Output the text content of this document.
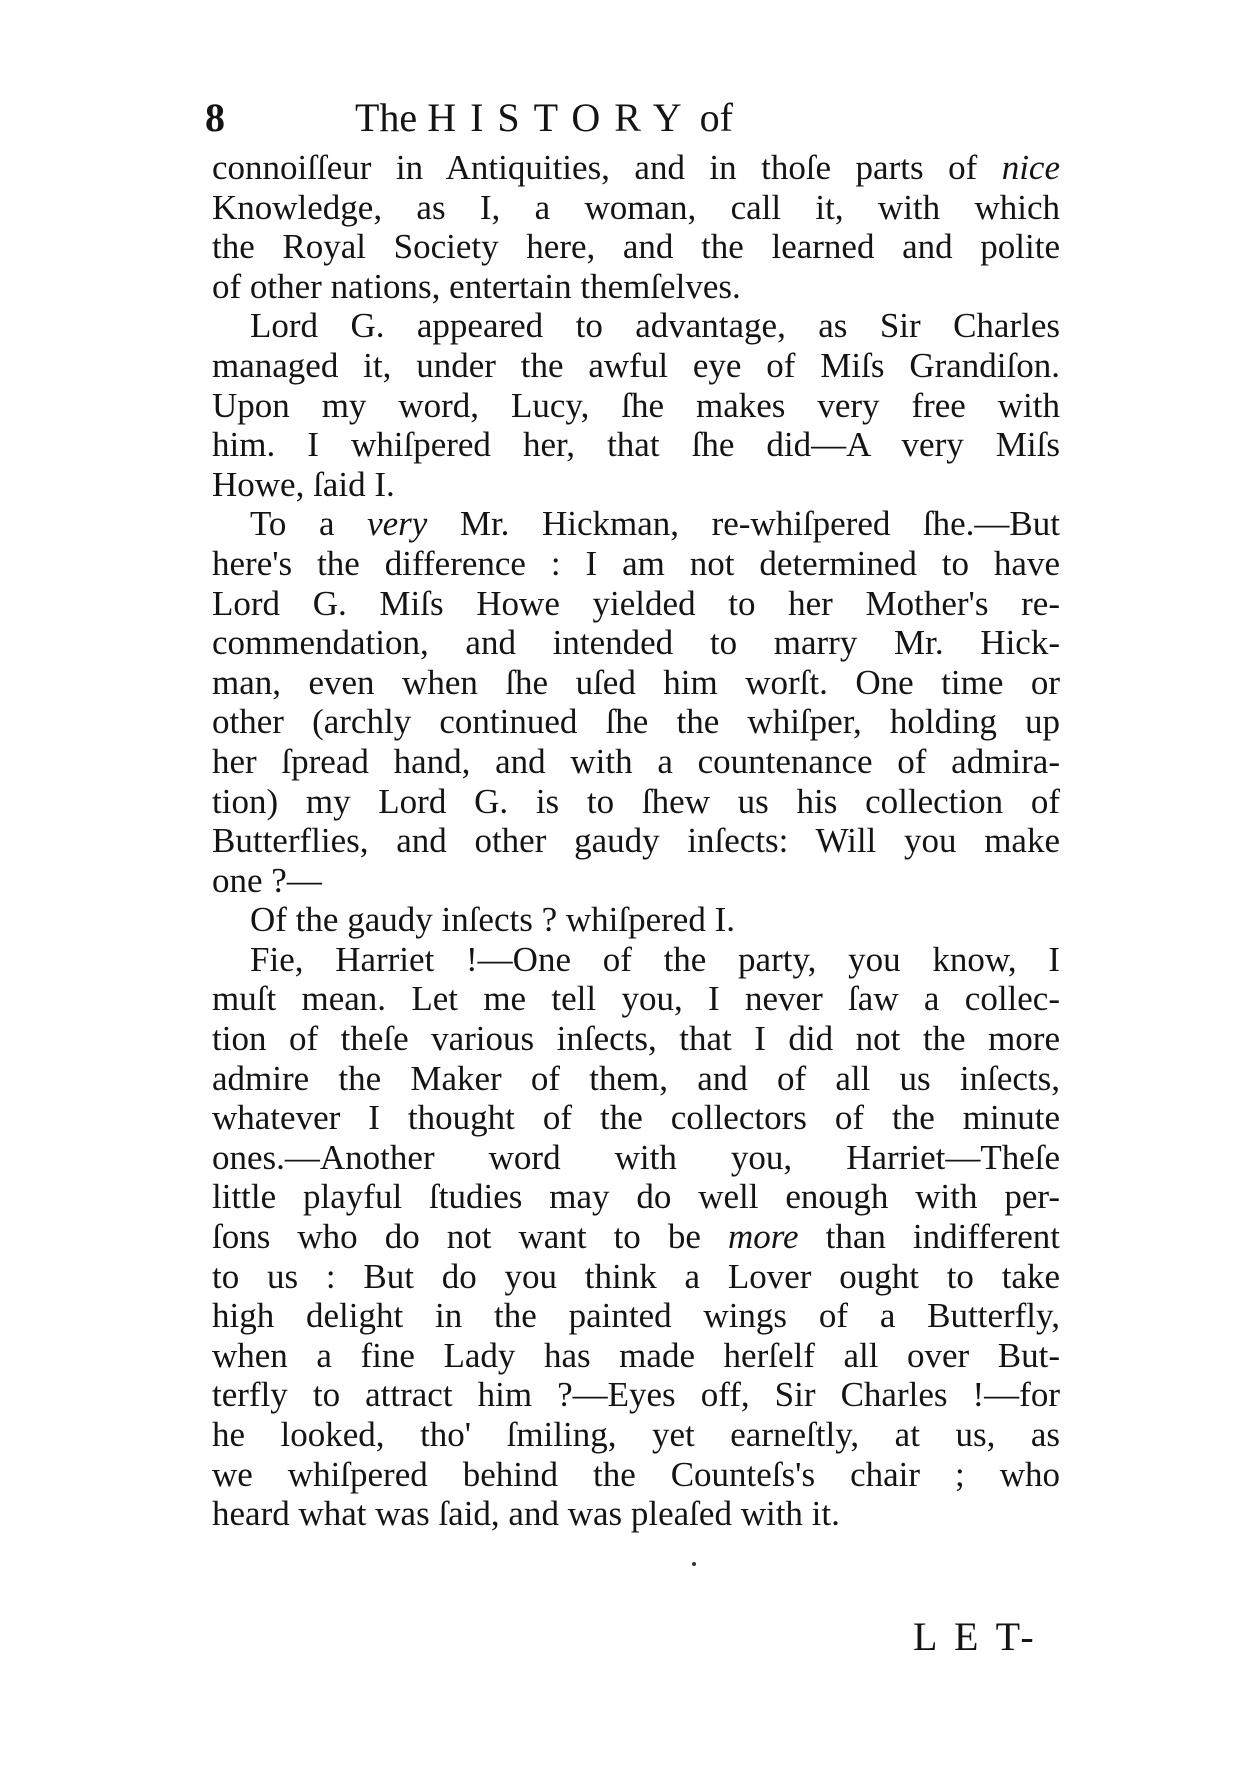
8	The HISTORY of
connoiſſeur in Antiquities, and in thoſe parts of nice
Knowledge, as I, a woman, call it, with which
the Royal Society here, and the learned and polite
of other nations, entertain themſelves.
Lord G. appeared to advantage, as Sir Charles
managed it, under the awful eye of Miſs Grandiſon.
Upon my word, Lucy, ſhe makes very free with
him. I whiſpered her, that ſhe did—A very Miſs
Howe, ſaid I.
To a very Mr. Hickman, re-whiſpered ſhe.—But
here's the difference : I am not determined to have
Lord G. Miſs Howe yielded to her Mother's re-
commendation, and intended to marry Mr. Hick-
man, even when ſhe uſed him worſt. One time or
other (archly continued ſhe the whiſper, holding up
her ſpread hand, and with a countenance of admira-
tion) my Lord G. is to ſhew us his collection of
Butterflies, and other gaudy inſects: Will you make
one ?—
Of the gaudy inſects ? whiſpered I.
Fie, Harriet !—One of the party, you know, I
muſt mean. Let me tell you, I never ſaw a collec-
tion of theſe various inſects, that I did not the more
admire the Maker of them, and of all us inſects,
whatever I thought of the collectors of the minute
ones.—Another word with you, Harriet—Theſe
little playful ſtudies may do well enough with per-
ſons who do not want to be more than indifferent
to us : But do you think a Lover ought to take
high delight in the painted wings of a Butterfly,
when a fine Lady has made herſelf all over But-
terfly to attract him ?—Eyes off, Sir Charles !—for
he looked, tho' ſmiling, yet earneſtly, at us, as
we whiſpered behind the Counteſs's chair ; who
heard what was ſaid, and was pleaſed with it.
L E T-
